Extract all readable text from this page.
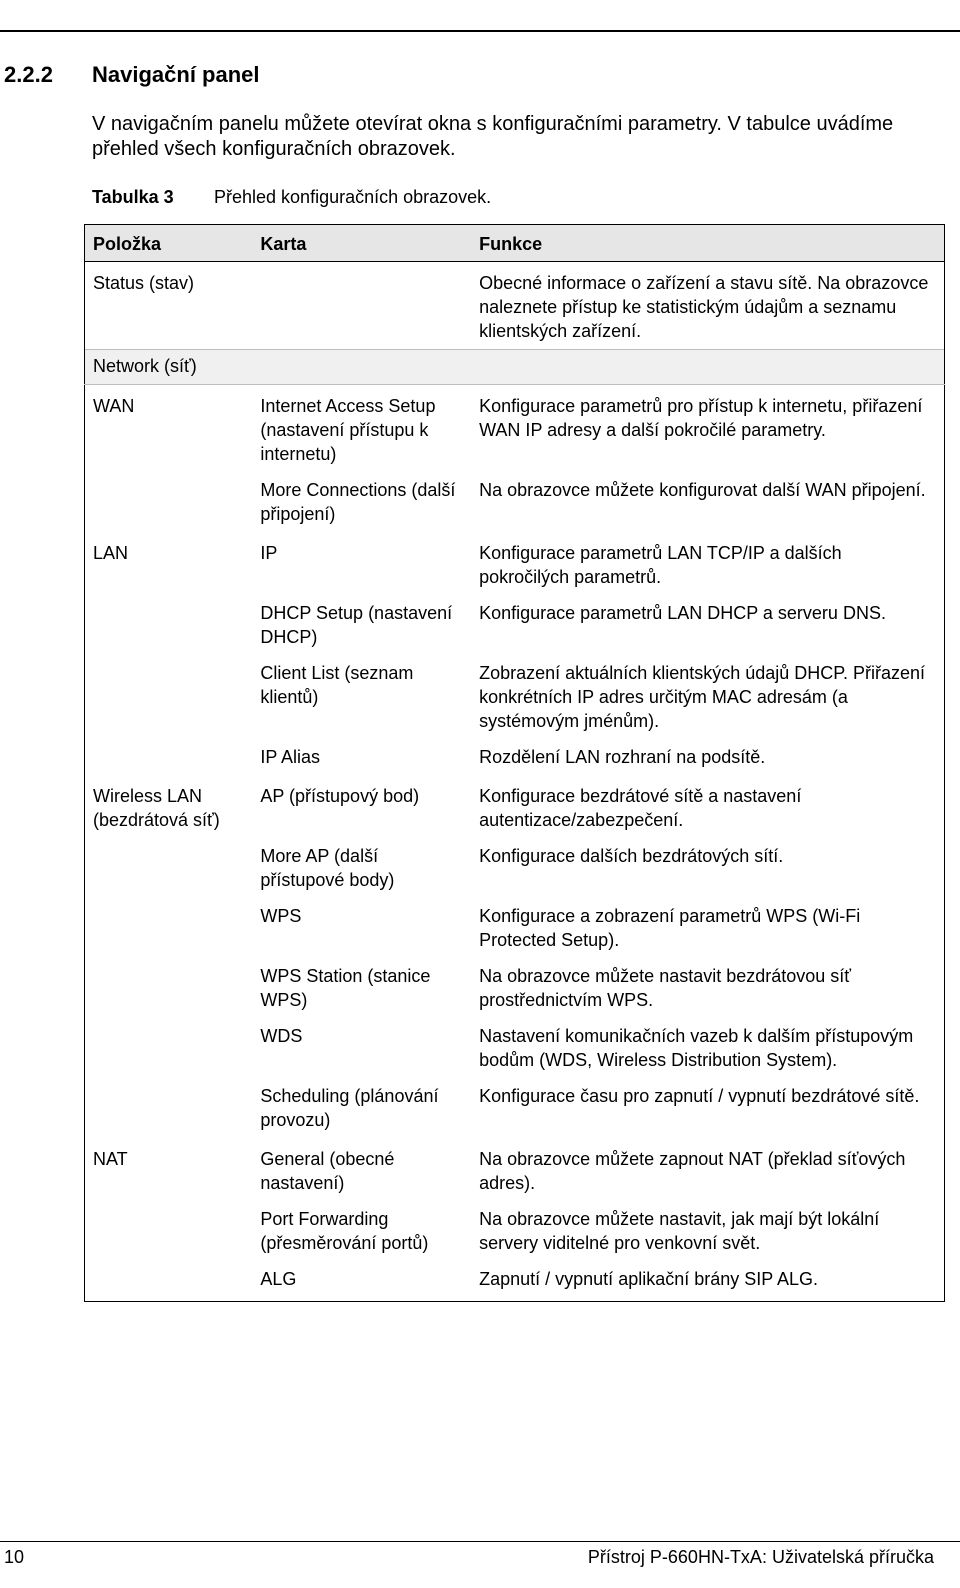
2.2.2 Navigační panel
V navigačním panelu můžete otevírat okna s konfiguračními parametry. V tabulce uvádíme přehled všech konfiguračních obrazovek.
Tabulka 3 Přehled konfiguračních obrazovek.
Položka	Karta	Funkce
Status (stav)		Obecné informace o zařízení a stavu sítě. Na obrazovce naleznete přístup ke statistickým údajům a seznamu klientských zařízení.
Network (síť)		
WAN	Internet Access Setup (nastavení přístupu k internetu)	Konfigurace parametrů pro přístup k internetu, přiřazení WAN IP adresy a další pokročilé parametry.
	More Connections (další připojení)	Na obrazovce můžete konfigurovat další WAN připojení.
LAN	IP	Konfigurace parametrů LAN TCP/IP a dalších pokročilých parametrů.
	DHCP Setup (nastavení DHCP)	Konfigurace parametrů LAN DHCP a serveru DNS.
	Client List (seznam klientů)	Zobrazení aktuálních klientských údajů DHCP. Přiřazení konkrétních IP adres určitým MAC adresám (a systémovým jménům).
	IP Alias	Rozdělení LAN rozhraní na podsítě.
Wireless LAN (bezdrátová síť)	AP (přístupový bod)	Konfigurace bezdrátové sítě a nastavení autentizace/zabezpečení.
	More AP (další přístupové body)	Konfigurace dalších bezdrátových sítí.
	WPS	Konfigurace a zobrazení parametrů WPS (Wi-Fi Protected Setup).
	WPS Station (stanice WPS)	Na obrazovce můžete nastavit bezdrátovou síť prostřednictvím WPS.
	WDS	Nastavení komunikačních vazeb k dalším přístupovým bodům (WDS, Wireless Distribution System).
	Scheduling (plánování provozu)	Konfigurace času pro zapnutí / vypnutí bezdrátové sítě.
NAT	General (obecné nastavení)	Na obrazovce můžete zapnout NAT (překlad síťových adres).
	Port Forwarding (přesměrování portů)	Na obrazovce můžete nastavit, jak mají být lokální servery viditelné pro venkovní svět.
	ALG	Zapnutí / vypnutí aplikační brány SIP ALG.
10	Přístroj P-660HN-TxA: Uživatelská příručka
